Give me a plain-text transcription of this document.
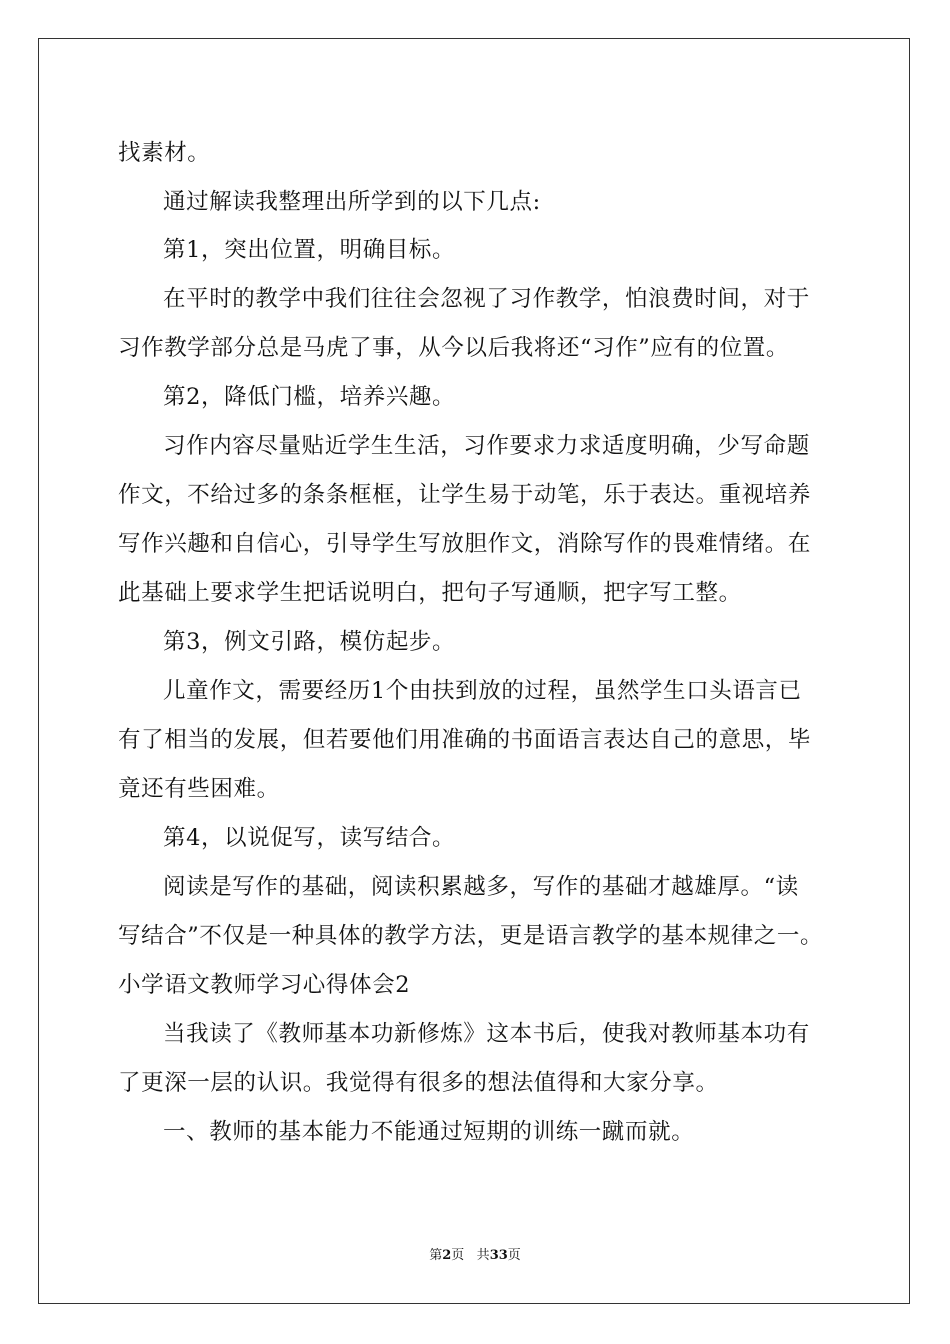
找素材。
通过解读我整理出所学到的以下几点:
第1，突出位置，明确目标。
在平时的教学中我们往往会忽视了习作教学，怕浪费时间，对于
习作教学部分总是马虎了事，从今以后我将还“习作”应有的位置。
第2，降低门槛，培养兴趣。
习作内容尽量贴近学生生活，习作要求力求适度明确，少写命题
作文，不给过多的条条框框，让学生易于动笔，乐于表达。重视培养
写作兴趣和自信心，引导学生写放胆作文，消除写作的畏难情绪。在
此基础上要求学生把话说明白，把句子写通顺，把字写工整。
第3，例文引路，模仿起步。
儿童作文，需要经历1个由扶到放的过程，虽然学生口头语言已
有了相当的发展，但若要他们用准确的书面语言表达自己的意思，毕
竟还有些困难。
第4，以说促写，读写结合。
阅读是写作的基础，阅读积累越多，写作的基础才越雄厚。“读
写结合”不仅是一种具体的教学方法，更是语言教学的基本规律之一。
小学语文教师学习心得体会2
当我读了《教师基本功新修炼》这本书后，使我对教师基本功有
了更深一层的认识。我觉得有很多的想法值得和大家分享。
一、教师的基本能力不能通过短期的训练一蹴而就。
第2页 共33页
